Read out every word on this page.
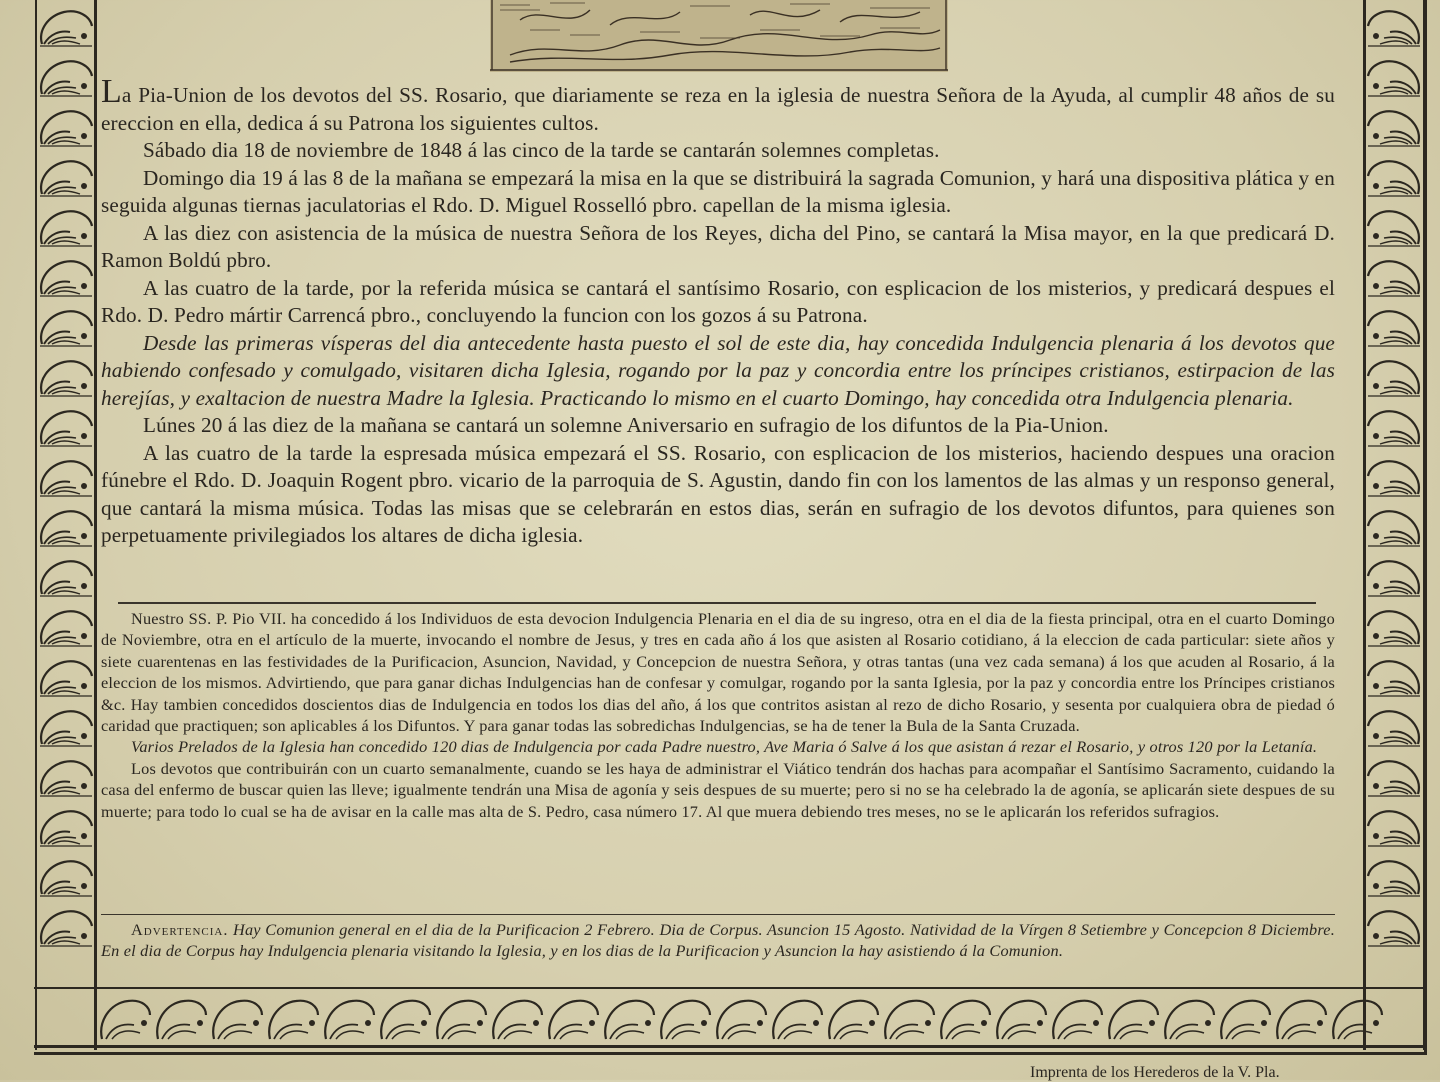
La Pia-Union de los devotos del SS. Rosario, que diariamente se reza en la iglesia de nuestra Señora de la Ayuda, al cumplir 48 años de su ereccion en ella, dedica á su Patrona los siguientes cultos.

Sábado dia 18 de noviembre de 1848 á las cinco de la tarde se cantarán solemnes completas.

Domingo dia 19 á las 8 de la mañana se empezará la misa en la que se distribuirá la sagrada Comunion, y hará una dispositiva plática y en seguida algunas tiernas jaculatorias el Rdo. D. Miguel Rosselló pbro. capellan de la misma iglesia.

A las diez con asistencia de la música de nuestra Señora de los Reyes, dicha del Pino, se cantará la Misa mayor, en la que predicará D. Ramon Boldú pbro.

A las cuatro de la tarde, por la referida música se cantará el santísimo Rosario, con esplicacion de los misterios, y predicará despues el Rdo. D. Pedro mártir Carrencá pbro., concluyendo la funcion con los gozos á su Patrona.

Desde las primeras vísperas del dia antecedente hasta puesto el sol de este dia, hay concedida Indulgencia plenaria á los devotos que habiendo confesado y comulgado, visitaren dicha Iglesia, rogando por la paz y concordia entre los príncipes cristianos, estirpacion de las herejías, y exaltacion de nuestra Madre la Iglesia. Practicando lo mismo en el cuarto Domingo, hay concedida otra Indulgencia plenaria.

Lúnes 20 á las diez de la mañana se cantará un solemne Aniversario en sufragio de los difuntos de la Pia-Union.

A las cuatro de la tarde la espresada música empezará el SS. Rosario, con esplicacion de los misterios, haciendo despues una oracion fúnebre el Rdo. D. Joaquin Rogent pbro. vicario de la parroquia de S. Agustin, dando fin con los lamentos de las almas y un responso general, que cantará la misma música. Todas las misas que se celebrarán en estos dias, serán en sufragio de los devotos difuntos, para quienes son perpetuamente privilegiados los altares de dicha iglesia.

Nuestro SS. P. Pio VII. ha concedido á los Individuos de esta devocion Indulgencia Plenaria en el dia de su ingreso, otra en el dia de la fiesta principal, otra en el cuarto Domingo de Noviembre, otra en el artículo de la muerte, invocando el nombre de Jesus, y tres en cada año á los que asisten al Rosario cotidiano, á la eleccion de cada particular: siete años y siete cuarentenas en las festividades de la Purificacion, Asuncion, Navidad, y Concepcion de nuestra Señora, y otras tantas (una vez cada semana) á los que acuden al Rosario, á la eleccion de los mismos. Advirtiendo, que para ganar dichas Indulgencias han de confesar y comulgar, rogando por la santa Iglesia, por la paz y concordia entre los Príncipes cristianos &c. Hay tambien concedidos doscientos dias de Indulgencia en todos los dias del año, á los que contritos asistan al rezo de dicho Rosario, y sesenta por cualquiera obra de piedad ó caridad que practiquen; son aplicables á los Difuntos. Y para ganar todas las sobredichas Indulgencias, se ha de tener la Bula de la Santa Cruzada.

Varios Prelados de la Iglesia han concedido 120 dias de Indulgencia por cada Padre nuestro, Ave Maria ó Salve á los que asistan á rezar el Rosario, y otros 120 por la Letanía.

Los devotos que contribuirán con un cuarto semanalmente, cuando se les haya de administrar el Viático tendrán dos hachas para acompañar el Santísimo Sacramento, cuidando la casa del enfermo de buscar quien las lleve; igualmente tendrán una Misa de agonía y seis despues de su muerte; pero si no se ha celebrado la de agonía, se aplicarán siete despues de su muerte; para todo lo cual se ha de avisar en la calle mas alta de S. Pedro, casa número 17. Al que muera debiendo tres meses, no se le aplicarán los referidos sufragios.

Advertencia. Hay Comunion general en el dia de la Purificacion 2 Febrero. Dia de Corpus. Asuncion 15 Agosto. Natividad de la Vírgen 8 Setiembre y Concepcion 8 Diciembre. En el dia de Corpus hay Indulgencia plenaria visitando la Iglesia, y en los dias de la Purificacion y Asuncion la hay asistiendo á la Comunion.

Imprenta de los Herederos de la V. Pla.
